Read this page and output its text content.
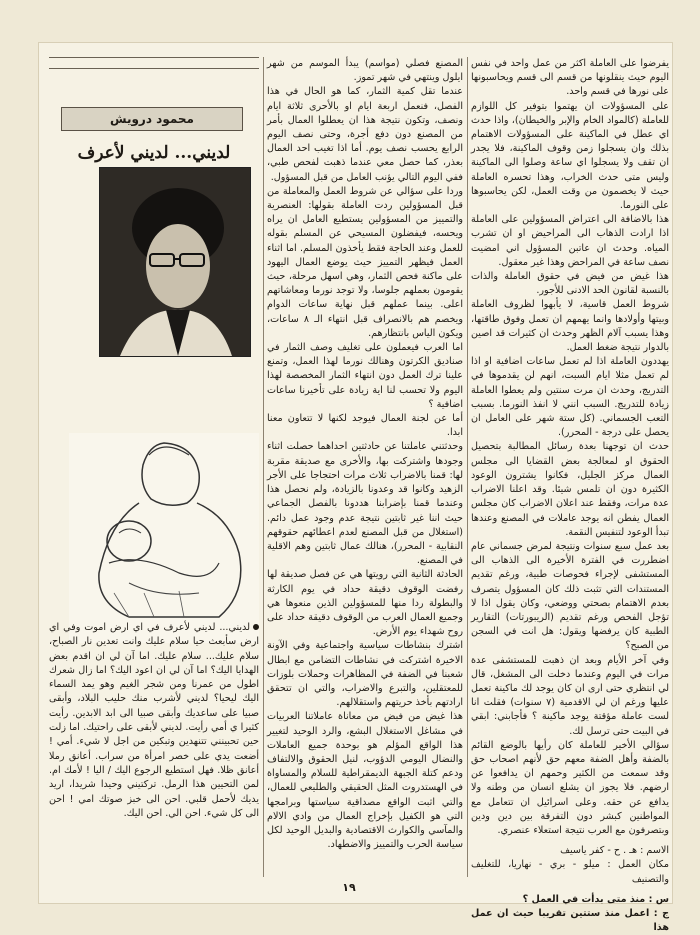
يفرضوا على العاملة اكثر من عمل واحد في نفس اليوم حيث ينقلونها من قسم الى قسم ويحاسبونها على نورها في قسم واحد.

على المسؤولات ان يهتموا بتوفير كل اللوازم للعاملة (كالمواد الخام والإبر والخيطان)، واذا حدث اي عطل في الماكينة على المسؤولات الاهتمام بذلك وان يسجلوا زمن وقوف الماكينة، فلا يجدر ان تقف ولا يسجلوا اي ساعة وصلوا الى الماكينة وليس متى حدث الخراب، وهذا تحسره العاملة حيث لا يخصمون من وقت العمل، لكن يحاسبوها على النورما.

هذا بالاضافة الى اعتراض المسؤولين على العاملة اذا ارادت الذهاب الى المراحيض او ان تشرب المياه. وحدث ان عاتبن المسؤول اني امضيت نصف ساعة في المراحض وهذا غير معقول.

هذا غيض من فيض في حقوق العاملة والذات بالنسبة لقانون الحد الادنى للأجور.

شروط العمل قاسية، لا يأبهوا لظروف العاملة وبيتها وأولادها وانما يهمهم ان تعمل وفوق طاقتها، وهذا يسبب آلام الظهر وحدث ان كثيرات قد اصين بالدوار نتيجة ضغط العمل.

يهددون العاملة اذا لم تعمل ساعات اضافية او اذا لم تعمل مثلا ايام السبت، انهم لن يقدموها في التدريج، وحدث ان مرت سنتين ولم يعطوا العاملة زيادة للتدريج. السبب انني لا انفذ النورما. بسبب التعب الجسماني. (كل ستة شهر على العامل ان يحصل على درجة - المحرر).

حدث ان توجهنا بعدة رسائل المطالبة بتحصيل الحقوق او لمعالجة بعض القضايا الى مجلس العمال مركز الجليل، فكانوا يشترون الوعود الكثيرة دون ان تلمس شيئا. وقد اعلنا الاضراب عدة مرات، وفقط عند اعلان الاضراب كان مجلس العمال يفطن انه يوجد عاملات في المصنع وعندها تبدأ الوعود لتنفيس النقمة.

بعد عمل سبع سنوات ونتيجة لمرض جسماني عام اضطررت في الفترة الأخيرة الى الذهاب الى المستشفى لإجراء فحوصات طبية، ورغم تقديم المستندات التي تثبت ذلك كان المسؤول يتصرف بعدم الاهتمام بصحتي ووضعي، وكان يقول اذا لا تؤجل الفحص ورغم تقديم (الريبورتات) التقارير الطبية كان يرفضها ويقول: هل انت في السجن من الصبح؟

وفي آخر الأيام وبعد ان ذهبت للمستشفى عدة مرات في اليوم وعندما دخلت الى المشغل، قال لي انتظري حتى ارى ان كان يوجد لك ماكينة تعمل عليها ورغم ان لي الاقدمية (٧ سنوات) فقلت انا لست عاملة مؤقتة يوجد ماكينة ؟ فأجابني: ابقي في البيت حتى ترسل لك.

سؤالي الأخير للعاملة كان رأيها بالوضع القائم بالضفة وأهل الضفة معهم حق لأنهم اصحاب حق وقد سمعت من الكثير وحمهم ان يدافعوا عن ارضهم. فلا يجوز ان يشلع انسان من وطنه ولا يدافع عن حقه. وعلى اسرائيل ان تتعامل مع المواطنين كبشر دون التفرقة بين دين ودين وبتصرفون مع العرب نتيجة استعلاء عنصري.

الاسم : هـ . ح - كفر ياسيف

مكان العمل : ميلو - بري - نهاريا، للتغليف والتصنيف

س : منذ متى بدأت في العمل ؟

ج : اعمل منذ ستتين تقريبا حيث ان عمل هذا

المصنع فصلي (مواسم) يبدأ الموسم من شهر ايلول وينتهي في شهر تموز.

عندما تقل كمية الثمار، كما هو الحال في هذا الفصل، فنعمل اربعة ايام او بالأحرى ثلاثة ايام ونصف، وتكون نتيجة هذا ان يعطلوا العمال بأمر من المصنع دون دفع أجرة، وحتى نصف اليوم الرابع يحسب نصف يوم. أما اذا تغيب احد العمال بعذر، كما حصل معي عندما ذهبت لفحص طبي، ففي اليوم التالي يؤنب العامل من قبل المسؤول.

وردا على سؤالي عن شروط العمل والمعاملة من قبل المسؤولين ردت العاملة بقولها: العنصرية والتمييز من المسؤولين يستطيع العامل ان يراه ويحسه، فيفضلون المسيحي عن المسلم بقوله للعمل وعند الحاجة فقط يأخذون المسلم. اما اثناء العمل فيظهر التمييز حيث يوضع العمال اليهود على ماكنة فحص الثمار، وهي اسهل مرحلة، حيث يقومون بعملهم جلوسا، ولا توجد نورما ومعاشاتهم اعلى. بينما عملهم قبل نهاية ساعات الدوام ويخصم هم بالانصراف قبل انتهاء الـ ٨ ساعات، ويكون الياس بانتظارهم.

اما العرب فيعملون على تغليف وصف الثمار في صناديق الكرتون وهنالك نورما لهذا العمل، وتمنع علينا ترك العمل دون انتهاء الثمار المخصصة لهذا اليوم ولا تحسب لنا اية زيادة على تأخيرنا ساعات اضافية ؟

أما عن لجنة العمال فيوجد لكنها لا تتعاون معنا ابدا.

وحدثتني عاملتنا عن حادثتين احداهما حصلت اثناء وجودها واشتركت بها، والأخرى مع صديقة مقربة لها: قمنا بالاضراب ثلاث مرات احتجاجا على الأجر الزهيد وكانوا قد وعدونا بالزيادة، ولم نحصل هذا وعندما قمنا بإضرابنا هددونا بالفصل الجماعي حيث اننا غير ثابتين نتيجة عدم وجود عمل دائم. (استغلال من قبل المصنع لعدم اعطائهم حقوقهم النقابية - المحرر)، هنالك عمال ثابتين وهم الاقلية في المصنع.

الحادثة الثانية التي رويتها هي عن فصل صديقة لها رفضت الوقوف دقيقة حداد في يوم الكارثة والبطولة ردا منها للمسؤولين الذين منعوها هي وجميع العمال العرب من الوقوف دقيقة حداد على روح شهداء يوم الأرض.

اشترك بنشاطات سياسية واجتماعية وفي الآونة الاخيرة اشتركت في نشاطات التضامن مع ابطال شعبنا في الضفة في المظاهرات وحملات بلوزات للمعتقلين، والتبرع والاضراب، والتي ان تتحقق ارادتهم بأخذ حريتهم واستقلالهم.

هذا غيض من فيض من معاناة عاملاتنا العربيات في مشاغل الاستغلال البشع، والرد الوحيد لتغيير هذا الواقع المؤلم هو بوحدة جميع العاملات والنضال اليومي الدؤوب، لنيل الحقوق والالتفاف ودعم كتلة الجبهة الديمقراطية للسلام والمساواة في الهستدروت المثل الحقيقي والطليعي للعمال، والتي اثبت الواقع مصداقية سياستها وبرامجها التي هو الكفيل بإخراج العمال من وادي الالام والمآسي والكوارث الاقتصادية والبديل الوحيد لكل سياسة الحرب والتمييز والاضطهاد.

محمود درويش
لديني... لديني لأعرف
لديني... لديني لأعرف في اي ارض اموت وفي اي ارض سأبعث حيا سلام عليك وانت تعدين نار الصباح، سلام عليك... سلام عليك. اما آن لي ان اقدم بعض الهدايا اليك؟ اما آن لي ان اعود اليك؟ اما زال شعرك اطول من عمرنا ومن شجر الغيم وهو يمد السماء اليك ليحيا؟ لديني لأشرب منك حليب البلاد، وأبقى صبيا على ساعديك وأبقى صبيا الى ابد الابدين. رأيت كثيرا ي أمي رأيت. لديني لأبقى على راحتيك. اما زلت حين تحبينني تتنهدين وتبكين من اجل لا شيء. أمي ! أضعت يدي على خصر امرأة من سراب. أعانق رملا أعانق ظلا. فهل استطيع الرجوع اليك / اليا ! لأمك ام. لمن التحيين هذا الرمل. تركتيني وحيدا شريدا، اريد يديك لأحمل قلبي. احن الى خبز صوتك امي ! احن الى كل شيء. احن الي. احن اليك.
١٩
